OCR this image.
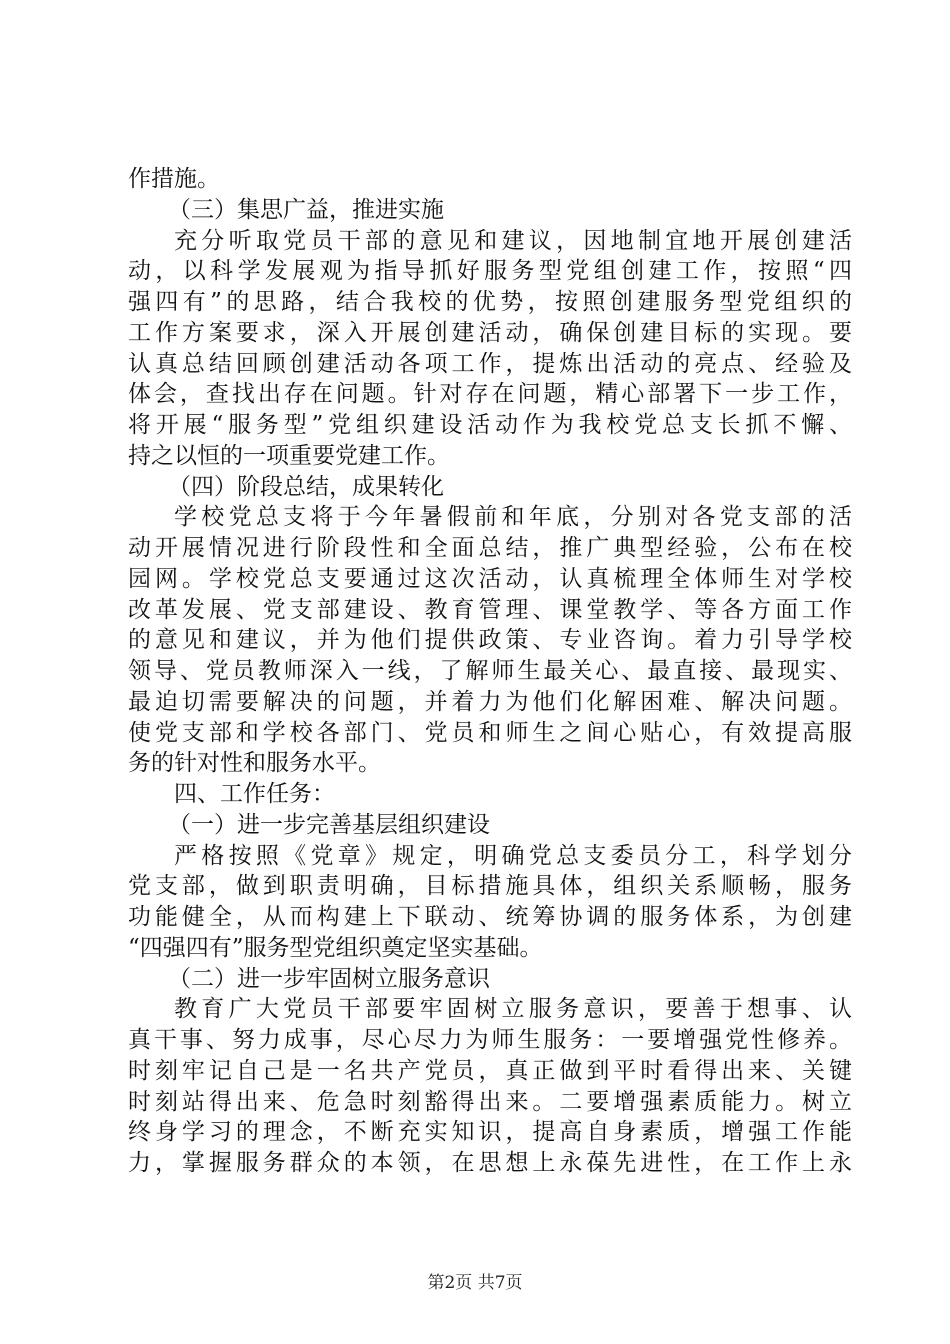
作措施。
（三）集思广益，推进实施
充分听取党员干部的意见和建议，因地制宜地开展创建活
动，以科学发展观为指导抓好服务型党组创建工作，按照“四
强四有”的思路，结合我校的优势，按照创建服务型党组织的
工作方案要求，深入开展创建活动，确保创建目标的实现。要
认真总结回顾创建活动各项工作，提炼出活动的亮点、经验及
体会，查找出存在问题。针对存在问题，精心部署下一步工作，
将开展“服务型”党组织建设活动作为我校党总支长抓不懈、
持之以恒的一项重要党建工作。
（四）阶段总结，成果转化
学校党总支将于今年暑假前和年底，分别对各党支部的活
动开展情况进行阶段性和全面总结，推广典型经验，公布在校
园网。学校党总支要通过这次活动，认真梳理全体师生对学校
改革发展、党支部建设、教育管理、课堂教学、等各方面工作
的意见和建议，并为他们提供政策、专业咨询。着力引导学校
领导、党员教师深入一线，了解师生最关心、最直接、最现实、
最迫切需要解决的问题，并着力为他们化解困难、解决问题。
使党支部和学校各部门、党员和师生之间心贴心，有效提高服
务的针对性和服务水平。
四、工作任务：
（一）进一步完善基层组织建设
严格按照《党章》规定，明确党总支委员分工，科学划分
党支部，做到职责明确，目标措施具体，组织关系顺畅，服务
功能健全，从而构建上下联动、统筹协调的服务体系，为创建
“四强四有”服务型党组织奠定坚实基础。
（二）进一步牢固树立服务意识
教育广大党员干部要牢固树立服务意识，要善于想事、认
真干事、努力成事，尽心尽力为师生服务：一要增强党性修养。
时刻牢记自己是一名共产党员，真正做到平时看得出来、关键
时刻站得出来、危急时刻豁得出来。二要增强素质能力。树立
终身学习的理念，不断充实知识，提高自身素质，增强工作能
力，掌握服务群众的本领，在思想上永葆先进性，在工作上永
第2页 共7页
